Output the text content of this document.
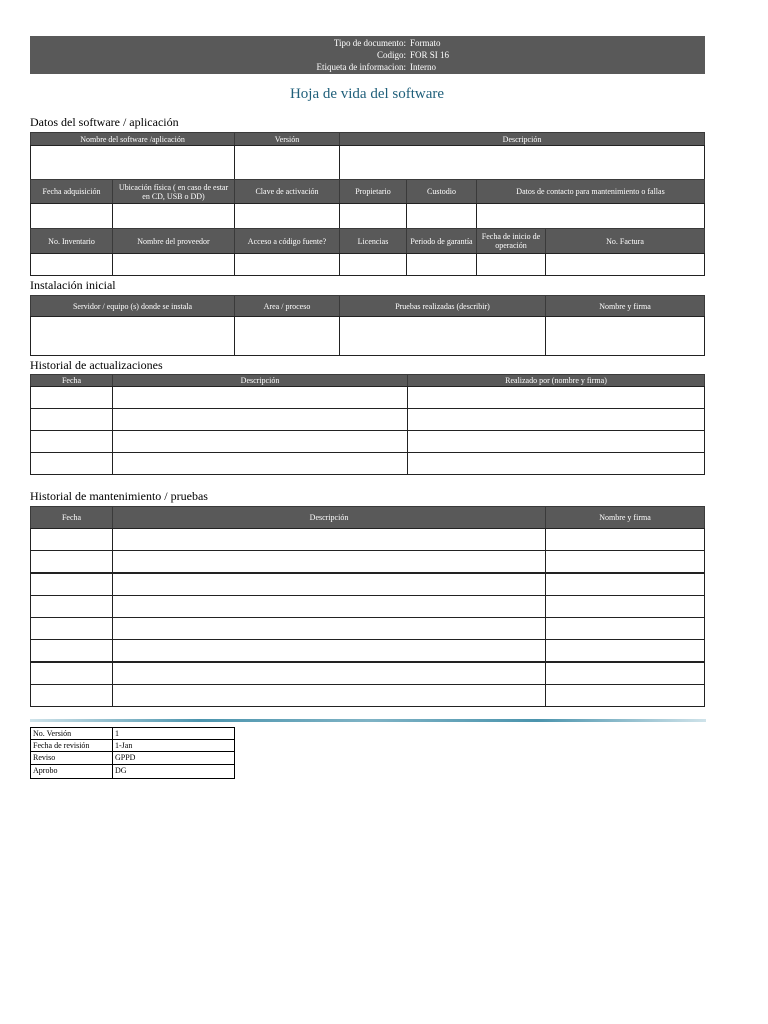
Tipo de documento: Formato
Codigo: FOR SI 16
Etiqueta de informacion: Interno
Hoja de vida del software
Datos del software / aplicación
Nombre del software /aplicación	Versión	Descripción
Fecha adquisición	Ubicación física ( en caso de estar en CD, USB o DD)	Clave de activación	Propietario	Custodio	Datos de contacto para mantenimiento o fallas
No. Inventario	Nombre del proveedor	Acceso a código fuente?	Licencias	Periodo de garantía	Fecha de inicio de operación	No. Factura
Instalación inicial
Servidor / equipo (s) donde se instala	Area / proceso	Pruebas realizadas (describir)	Nombre y firma
Historial de actualizaciones
Fecha	Descripción	Realizado por (nombre y firma)
Historial de mantenimiento / pruebas
Fecha	Descripción	Nombre y firma
No. Versión	1
Fecha de revisión	1-Jan
Reviso	GPPD
Aprobo	DG
